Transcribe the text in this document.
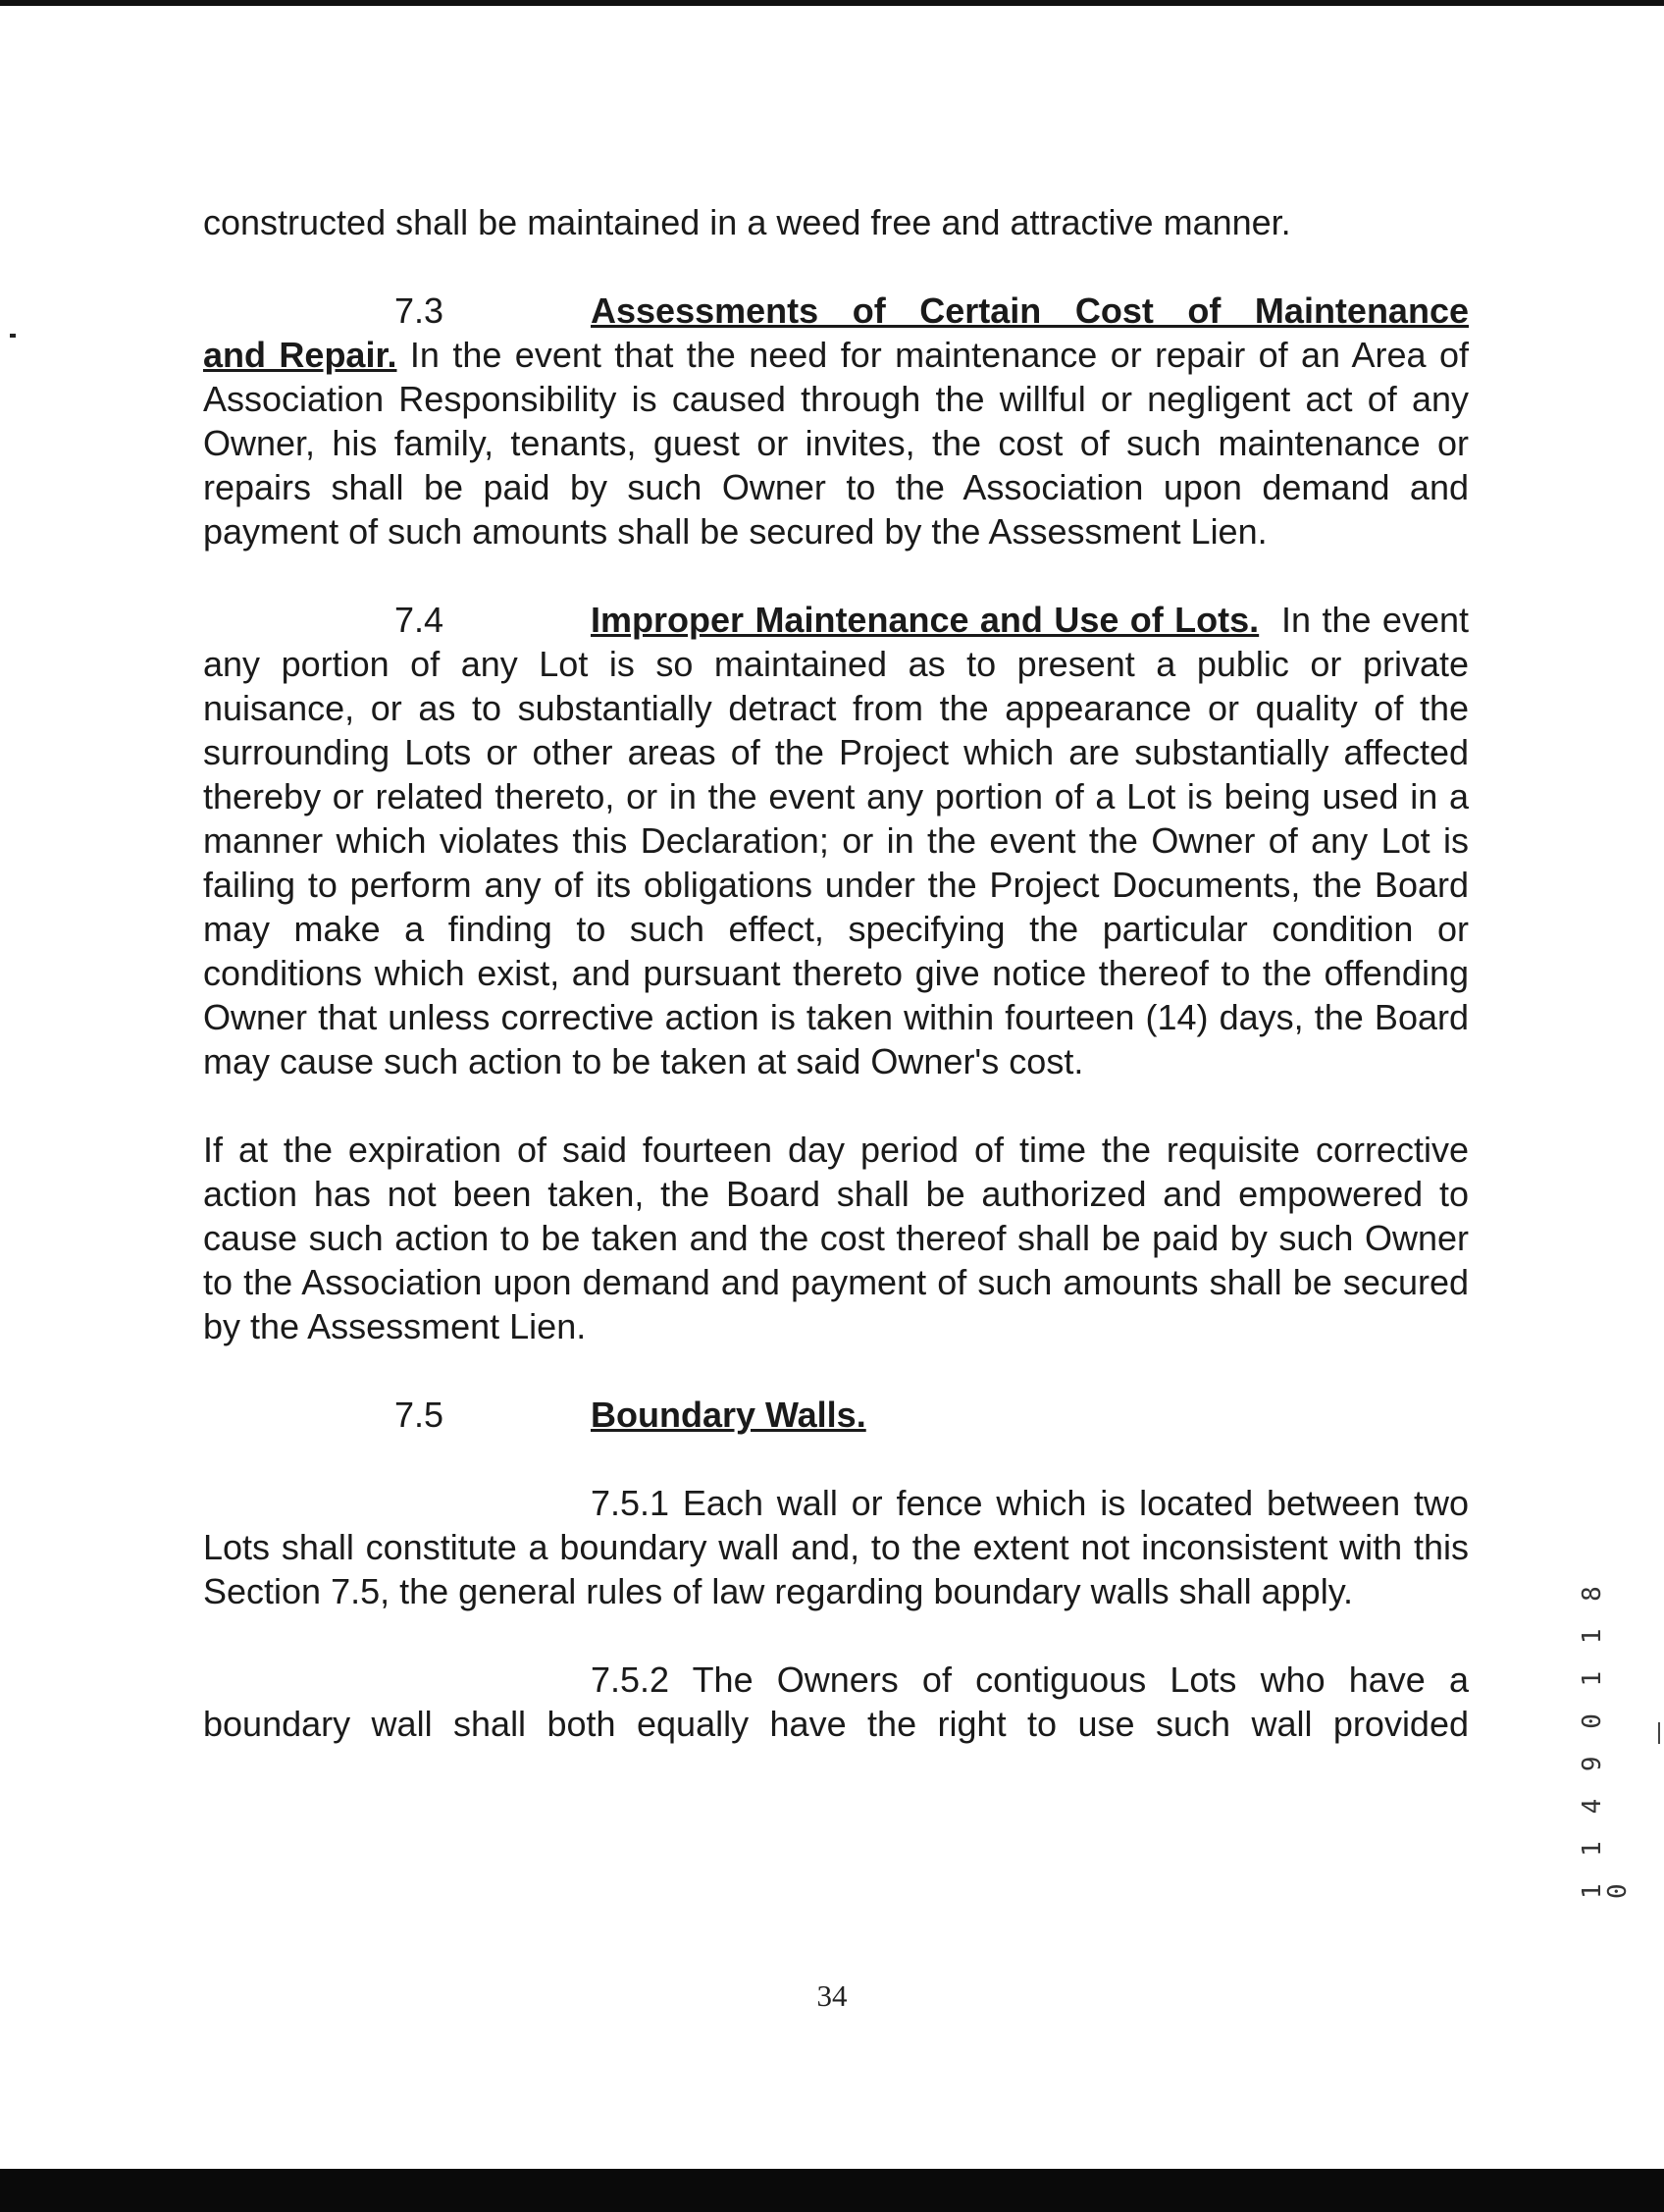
constructed shall be maintained in a weed free and attractive manner.

7.3	Assessments of Certain Cost of Maintenance

and Repair. In the event that the need for maintenance or repair of an Area of Association Responsibility is caused through the willful or negligent act of any Owner, his family, tenants, guest or invites, the cost of such maintenance or repairs shall be paid by such Owner to the Association upon demand and payment of such amounts shall be secured by the Assessment Lien.

7.4	Improper Maintenance and Use of Lots. In the event any portion of any Lot is so maintained as to present a public or private nuisance, or as to substantially detract from the appearance or quality of the surrounding Lots or other areas of the Project which are substantially affected thereby or related thereto, or in the event any portion of a Lot is being used in a manner which violates this Declaration; or in the event the Owner of any Lot is failing to perform any of its obligations under the Project Documents, the Board may make a finding to such effect, specifying the particular condition or conditions which exist, and pursuant thereto give notice thereof to the offending Owner that unless corrective action is taken within fourteen (14) days, the Board may cause such action to be taken at said Owner's cost.

If at the expiration of said fourteen day period of time the requisite corrective action has not been taken, the Board shall be authorized and empowered to cause such action to be taken and the cost thereof shall be paid by such Owner to the Association upon demand and payment of such amounts shall be secured by the Assessment Lien.

7.5	Boundary Walls.

7.5.1 Each wall or fence which is located between two Lots shall constitute a boundary wall and, to the extent not inconsistent with this Section 7.5, the general rules of law regarding boundary walls shall apply.

7.5.2 The Owners of contiguous Lots who have a boundary wall shall both equally have the right to use such wall provided

34
1 1 4 9 0 1 1 8 0
